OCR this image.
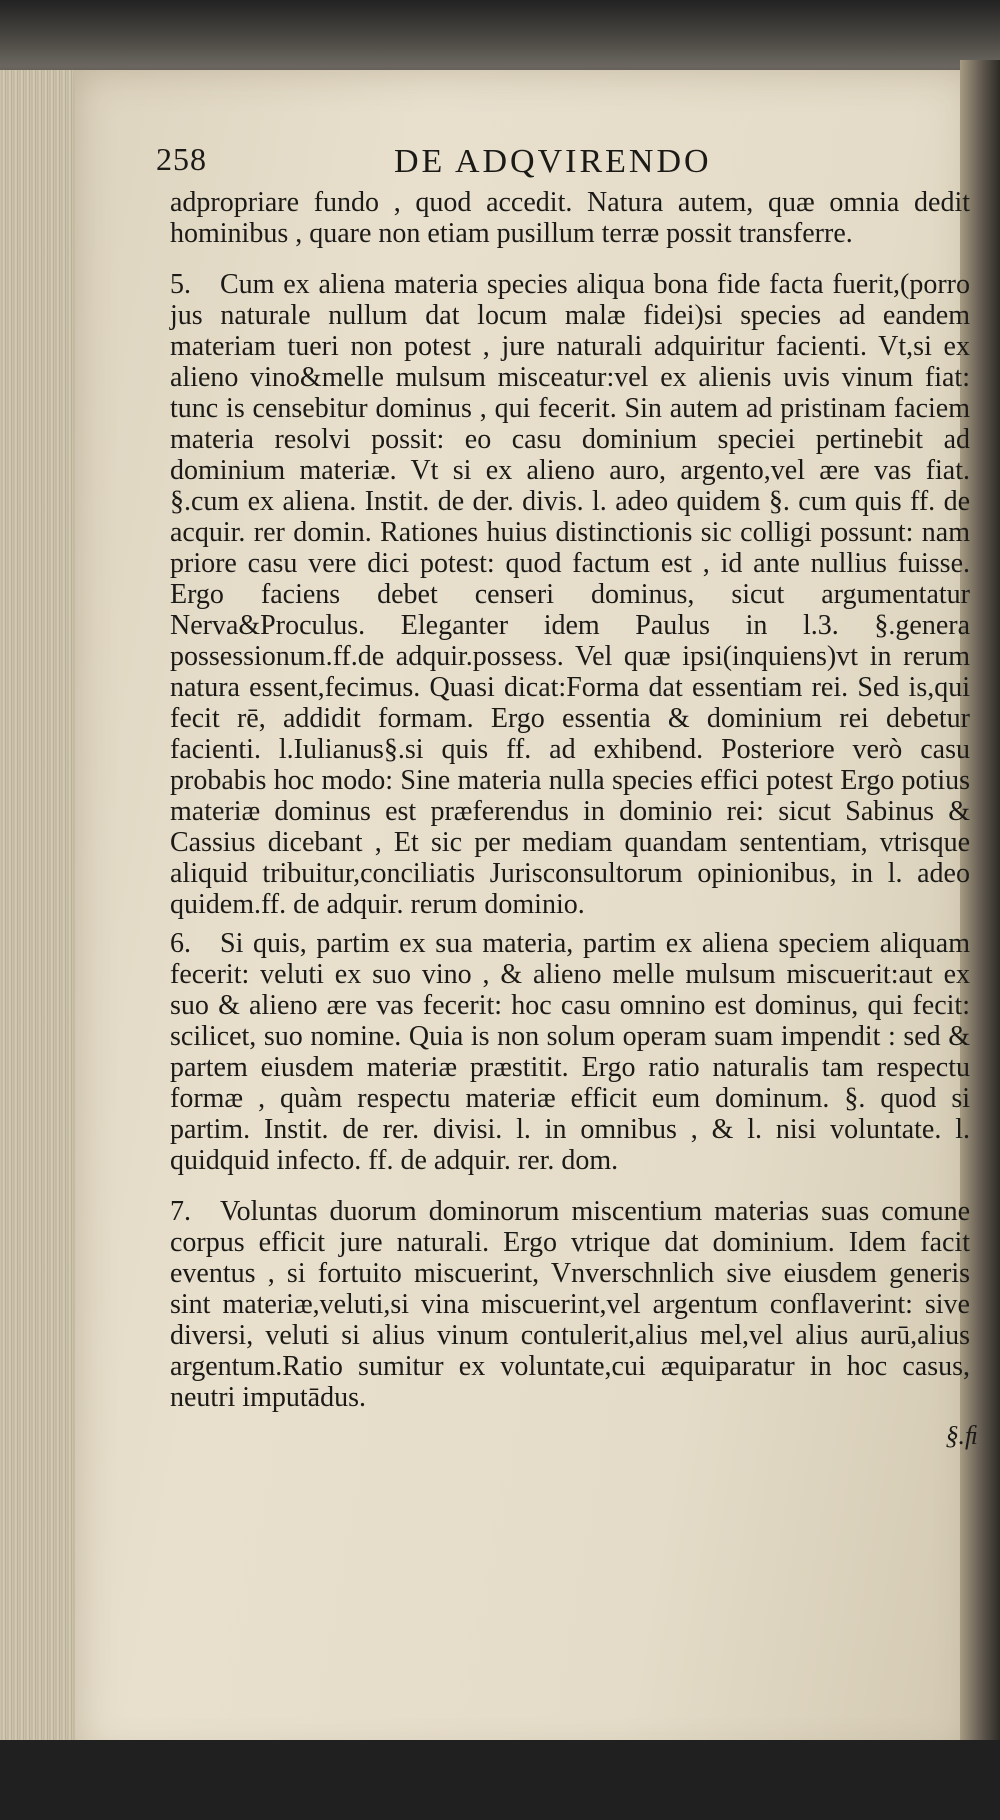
258	DE ADQVIRENDO

adpropriare fundo , quod accedit. Natura autem, quæ omnia dedit hominibus , quare non etiam pusillum terræ possit transferre.

5. Cum ex aliena materia species aliqua bona fide facta fuerit,(porro jus naturale nullum dat locum malæ fidei)si species ad eandem materiam tueri non potest , jure naturali adquiritur facienti. Vt,si ex alieno vino&melle mulsum misceatur:vel ex alienis uvis vinum fiat: tunc is censebitur dominus , qui fecerit. Sin autem ad pristinam faciem materia resolvi possit: eo casu dominium speciei pertinebit ad dominium materiæ. Vt si ex alieno auro, argento,vel ære vas fiat. §.cum ex aliena. Instit. de der. divis. l. adeo quidem §. cum quis ff. de acquir. rer domin. Rationes huius distinctionis sic colligi possunt: nam priore casu vere dici potest: quod factum est , id ante nullius fuisse. Ergo faciens debet censeri dominus, sicut argumentatur Nerva&Proculus. Eleganter idem Paulus in l.3. §.genera possessionum.ff.de adquir.possess. Vel quæ ipsi(inquiens)vt in rerum natura essent,fecimus. Quasi dicat:Forma dat essentiam rei. Sed is,qui fecit rē, addidit formam. Ergo essentia & dominium rei debetur facienti. l.Iulianus§.si quis ff. ad exhibend. Posteriore verò casu probabis hoc modo: Sine materia nulla species effici potest Ergo potius materiæ dominus est præferendus in dominio rei: sicut Sabinus & Cassius dicebant , Et sic per mediam quandam sententiam, vtrisque aliquid tribuitur,conciliatis Jurisconsultorum opinionibus, in l. adeo quidem.ff. de adquir. rerum dominio.

6. Si quis, partim ex sua materia, partim ex aliena speciem aliquam fecerit: veluti ex suo vino , & alieno melle mulsum miscuerit:aut ex suo & alieno ære vas fecerit: hoc casu omnino est dominus, qui fecit: scilicet, suo nomine. Quia is non solum operam suam impendit : sed & partem eiusdem materiæ præstitit. Ergo ratio naturalis tam respectu formæ , quàm respectu materiæ efficit eum dominum. §. quod si partim. Instit. de rer. divisi. l. in omnibus , & l. nisi voluntate. l. quidquid infecto. ff. de adquir. rer. dom.

7. Voluntas duorum dominorum miscentium materias suas comune corpus efficit jure naturali. Ergo vtrique dat dominium. Idem facit eventus , si fortuito miscuerint, Vnverschnlich sive eiusdem generis sint materiæ,veluti,si vina miscuerint,vel argentum conflaverint: sive diversi, veluti si alius vinum contulerit,alius mel,vel alius aurū,alius argentum.Ratio sumitur ex voluntate,cui æquiparatur in hoc casus, neutri imputādus.

§.ﬁ
